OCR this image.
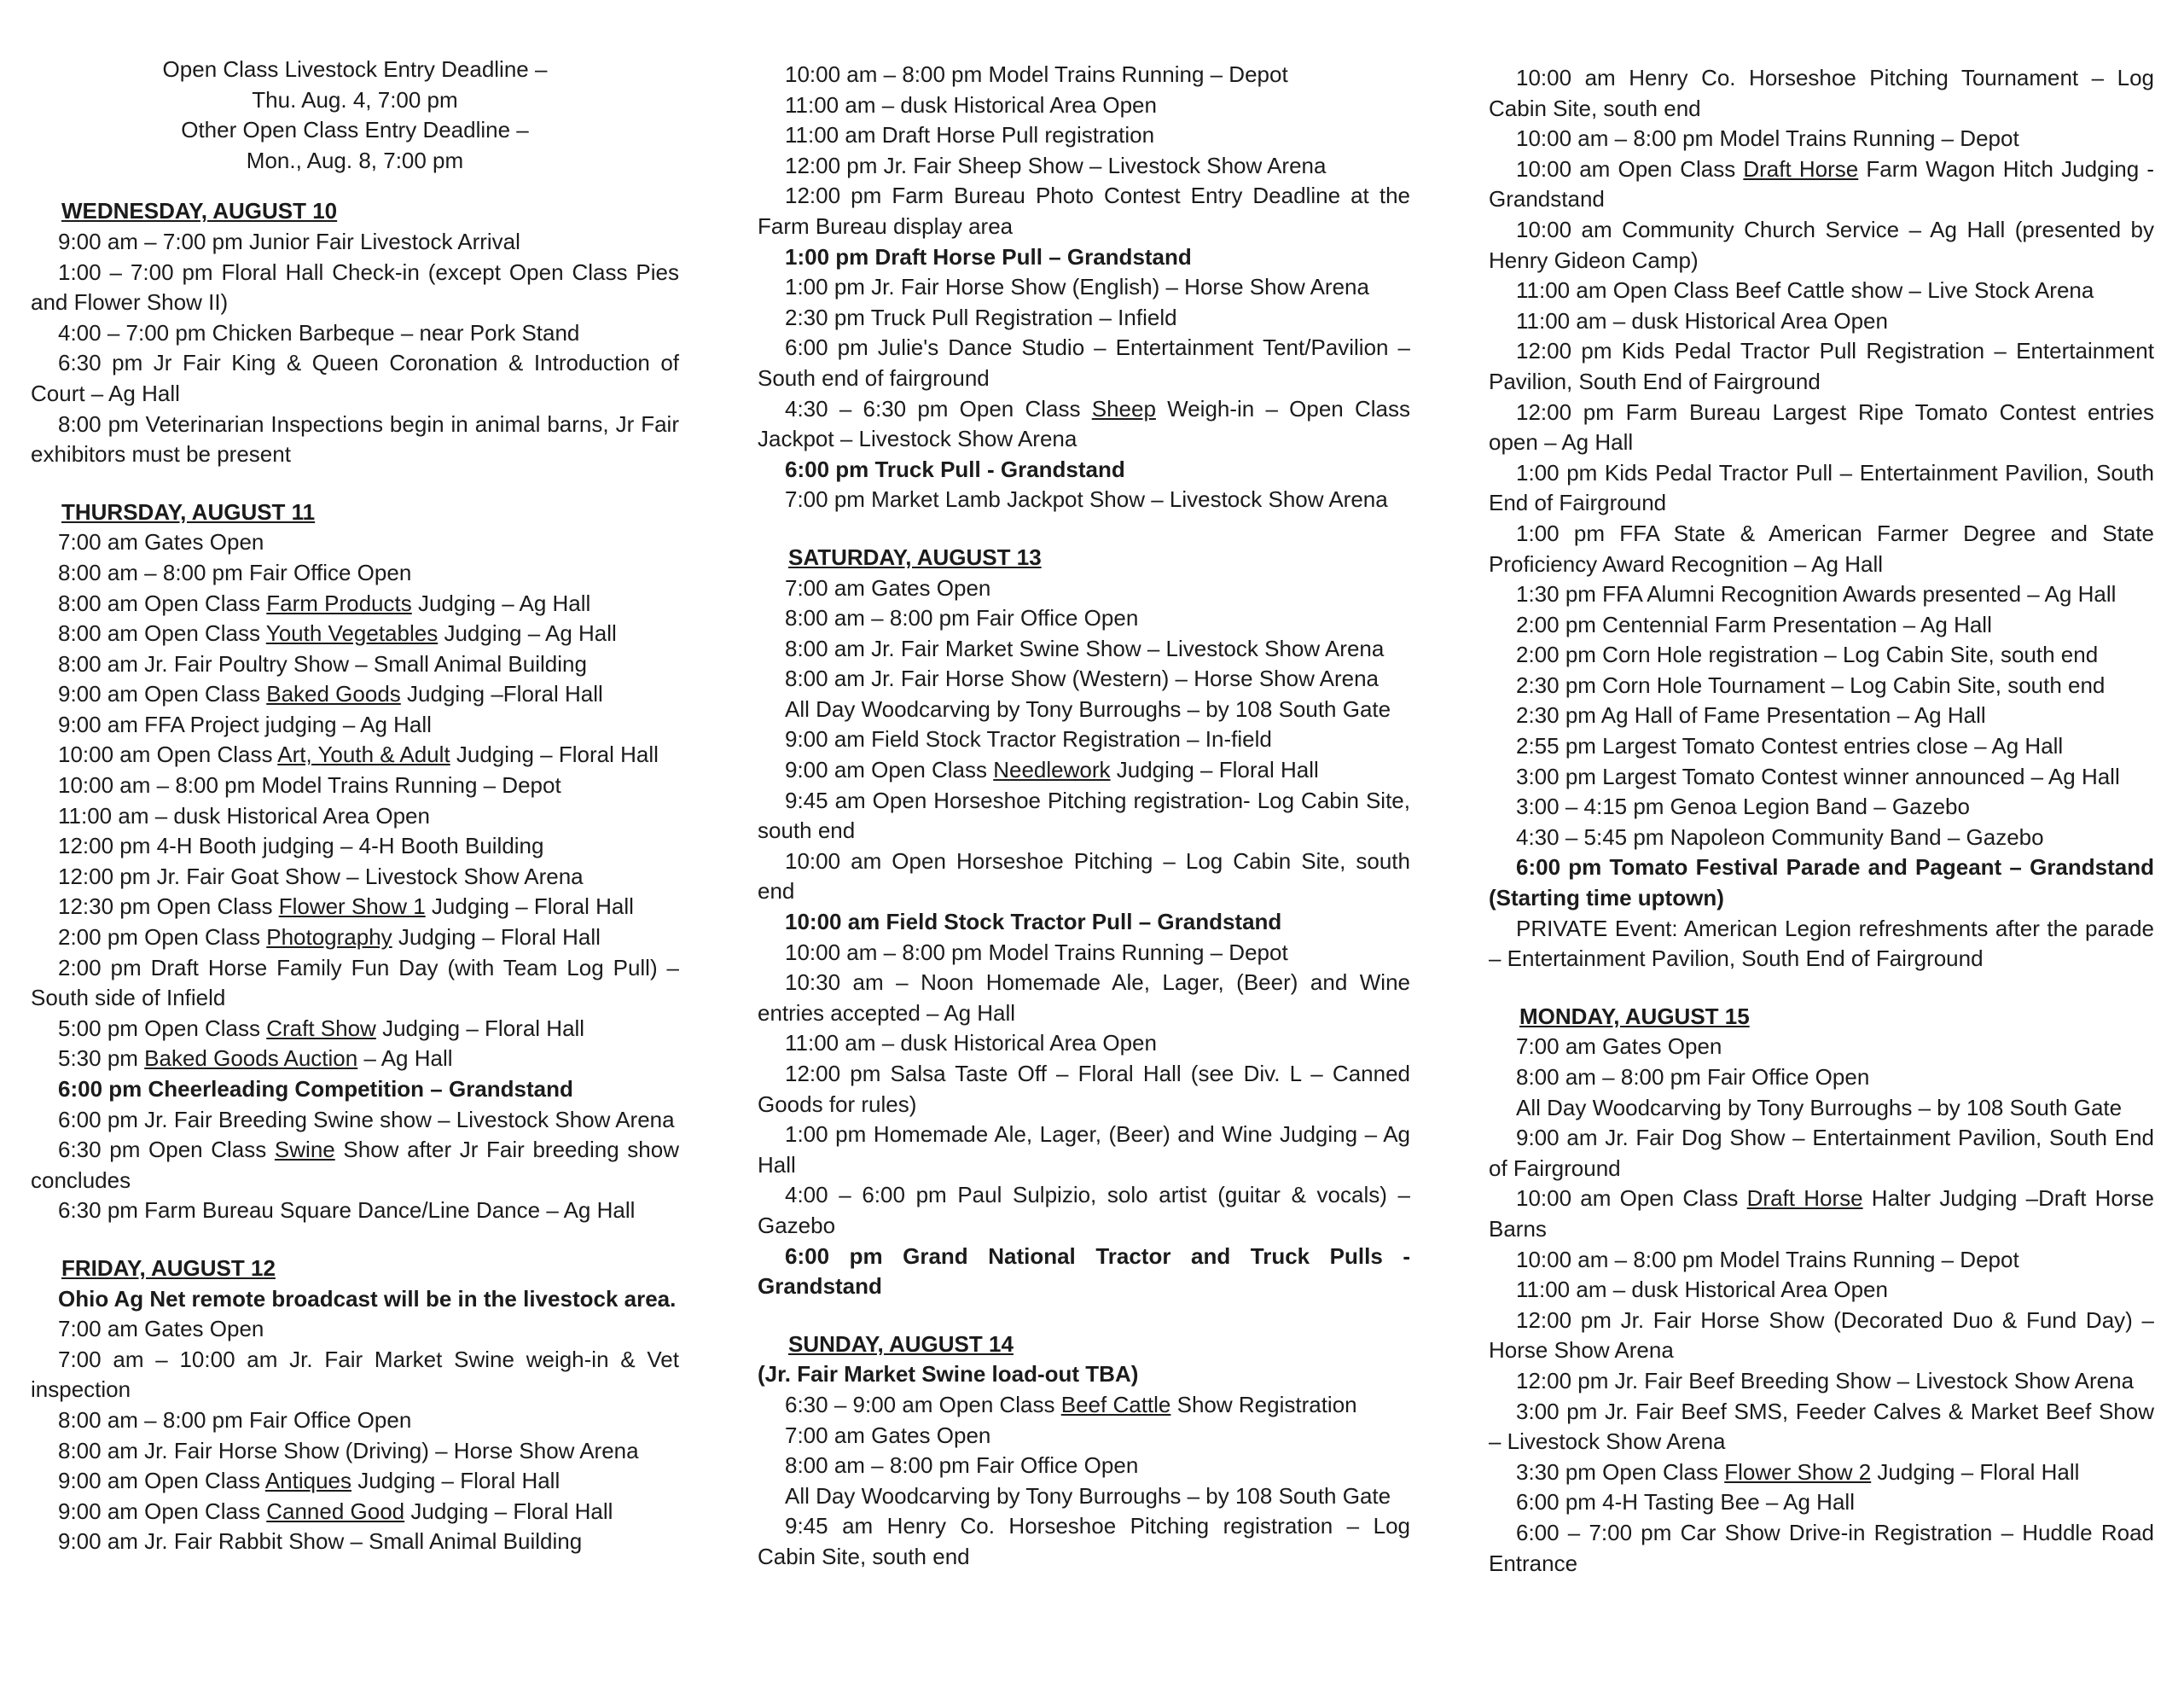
Open Class Livestock Entry Deadline –
Thu. Aug. 4, 7:00 pm
Other Open Class Entry Deadline –
Mon., Aug. 8, 7:00 pm
WEDNESDAY, AUGUST 10
9:00 am – 7:00 pm Junior Fair Livestock Arrival
1:00 – 7:00 pm Floral Hall Check-in (except Open Class Pies and Flower Show II)
4:00 – 7:00 pm Chicken Barbeque – near Pork Stand
6:30 pm Jr Fair King & Queen Coronation & Introduction of Court – Ag Hall
8:00 pm Veterinarian Inspections begin in animal barns, Jr Fair exhibitors must be present
THURSDAY, AUGUST 11
7:00 am Gates Open
8:00 am – 8:00 pm Fair Office Open
8:00 am Open Class Farm Products Judging – Ag Hall
8:00 am Open Class Youth Vegetables Judging – Ag Hall
8:00 am Jr. Fair Poultry Show – Small Animal Building
9:00 am Open Class Baked Goods Judging –Floral Hall
9:00 am FFA Project judging – Ag Hall
10:00 am Open Class Art, Youth & Adult Judging – Floral Hall
10:00 am – 8:00 pm Model Trains Running – Depot
11:00 am – dusk Historical Area Open
12:00 pm 4-H Booth judging – 4-H Booth Building
12:00 pm Jr. Fair Goat Show – Livestock Show Arena
12:30 pm Open Class Flower Show 1 Judging – Floral Hall
2:00 pm Open Class Photography Judging – Floral Hall
2:00 pm Draft Horse Family Fun Day (with Team Log Pull) – South side of Infield
5:00 pm Open Class Craft Show Judging – Floral Hall
5:30 pm Baked Goods Auction – Ag Hall
6:00 pm Cheerleading Competition – Grandstand
6:00 pm Jr. Fair Breeding Swine show – Livestock Show Arena
6:30 pm Open Class Swine Show after Jr Fair breeding show concludes
6:30 pm Farm Bureau Square Dance/Line Dance – Ag Hall
FRIDAY, AUGUST 12
Ohio Ag Net remote broadcast will be in the livestock area.
7:00 am Gates Open
7:00 am – 10:00 am Jr. Fair Market Swine weigh-in & Vet inspection
8:00 am – 8:00 pm Fair Office Open
8:00 am Jr. Fair Horse Show (Driving) – Horse Show Arena
9:00 am Open Class Antiques Judging – Floral Hall
9:00 am Open Class Canned Good Judging – Floral Hall
9:00 am Jr. Fair Rabbit Show – Small Animal Building
10:00 am – 8:00 pm Model Trains Running – Depot
11:00 am – dusk Historical Area Open
11:00 am Draft Horse Pull registration
12:00 pm Jr. Fair Sheep Show – Livestock Show Arena
12:00 pm Farm Bureau Photo Contest Entry Deadline at the Farm Bureau display area
1:00 pm Draft Horse Pull – Grandstand
1:00 pm Jr. Fair Horse Show (English) – Horse Show Arena
2:30 pm Truck Pull Registration – Infield
6:00 pm Julie's Dance Studio – Entertainment Tent/Pavilion – South end of fairground
4:30 – 6:30 pm Open Class Sheep Weigh-in – Open Class Jackpot – Livestock Show Arena
6:00 pm Truck Pull - Grandstand
7:00 pm Market Lamb Jackpot Show – Livestock Show Arena
SATURDAY, AUGUST 13
7:00 am Gates Open
8:00 am – 8:00 pm Fair Office Open
8:00 am Jr. Fair Market Swine Show – Livestock Show Arena
8:00 am Jr. Fair Horse Show (Western) – Horse Show Arena
All Day Woodcarving by Tony Burroughs – by 108 South Gate
9:00 am Field Stock Tractor Registration – In-field
9:00 am Open Class Needlework Judging – Floral Hall
9:45 am Open Horseshoe Pitching registration- Log Cabin Site, south end
10:00 am Open Horseshoe Pitching – Log Cabin Site, south end
10:00 am Field Stock Tractor Pull – Grandstand
10:00 am – 8:00 pm Model Trains Running – Depot
10:30 am – Noon Homemade Ale, Lager, (Beer) and Wine entries accepted – Ag Hall
11:00 am – dusk Historical Area Open
12:00 pm Salsa Taste Off – Floral Hall (see Div. L – Canned Goods for rules)
1:00 pm Homemade Ale, Lager, (Beer) and Wine Judging – Ag Hall
4:00 – 6:00 pm Paul Sulpizio, solo artist (guitar & vocals) – Gazebo
6:00 pm Grand National Tractor and Truck Pulls - Grandstand
SUNDAY, AUGUST 14
(Jr. Fair Market Swine load-out TBA)
6:30 – 9:00 am Open Class Beef Cattle Show Registration
7:00 am Gates Open
8:00 am – 8:00 pm Fair Office Open
All Day Woodcarving by Tony Burroughs – by 108 South Gate
9:45 am Henry Co. Horseshoe Pitching registration – Log Cabin Site, south end
10:00 am Henry Co. Horseshoe Pitching Tournament – Log Cabin Site, south end
10:00 am – 8:00 pm Model Trains Running – Depot
10:00 am Open Class Draft Horse Farm Wagon Hitch Judging - Grandstand
10:00 am Community Church Service – Ag Hall (presented by Henry Gideon Camp)
11:00 am Open Class Beef Cattle show – Live Stock Arena
11:00 am – dusk Historical Area Open
12:00 pm Kids Pedal Tractor Pull Registration – Entertainment Pavilion, South End of Fairground
12:00 pm Farm Bureau Largest Ripe Tomato Contest entries open – Ag Hall
1:00 pm Kids Pedal Tractor Pull – Entertainment Pavilion, South End of Fairground
1:00 pm FFA State & American Farmer Degree and State Proficiency Award Recognition – Ag Hall
1:30 pm FFA Alumni Recognition Awards presented – Ag Hall
2:00 pm Centennial Farm Presentation – Ag Hall
2:00 pm Corn Hole registration – Log Cabin Site, south end
2:30 pm Corn Hole Tournament – Log Cabin Site, south end
2:30 pm Ag Hall of Fame Presentation – Ag Hall
2:55 pm Largest Tomato Contest entries close – Ag Hall
3:00 pm Largest Tomato Contest winner announced – Ag Hall
3:00 – 4:15 pm Genoa Legion Band – Gazebo
4:30 – 5:45 pm Napoleon Community Band – Gazebo
6:00 pm Tomato Festival Parade and Pageant – Grandstand (Starting time uptown)
PRIVATE Event: American Legion refreshments after the parade – Entertainment Pavilion, South End of Fairground
MONDAY, AUGUST 15
7:00 am Gates Open
8:00 am – 8:00 pm Fair Office Open
All Day Woodcarving by Tony Burroughs – by 108 South Gate
9:00 am Jr. Fair Dog Show – Entertainment Pavilion, South End of Fairground
10:00 am Open Class Draft Horse Halter Judging –Draft Horse Barns
10:00 am – 8:00 pm Model Trains Running – Depot
11:00 am – dusk Historical Area Open
12:00 pm Jr. Fair Horse Show (Decorated Duo & Fund Day) – Horse Show Arena
12:00 pm Jr. Fair Beef Breeding Show – Livestock Show Arena
3:00 pm Jr. Fair Beef SMS, Feeder Calves & Market Beef Show – Livestock Show Arena
3:30 pm Open Class Flower Show 2 Judging – Floral Hall
6:00 pm 4-H Tasting Bee – Ag Hall
6:00 – 7:00 pm Car Show Drive-in Registration – Huddle Road Entrance
